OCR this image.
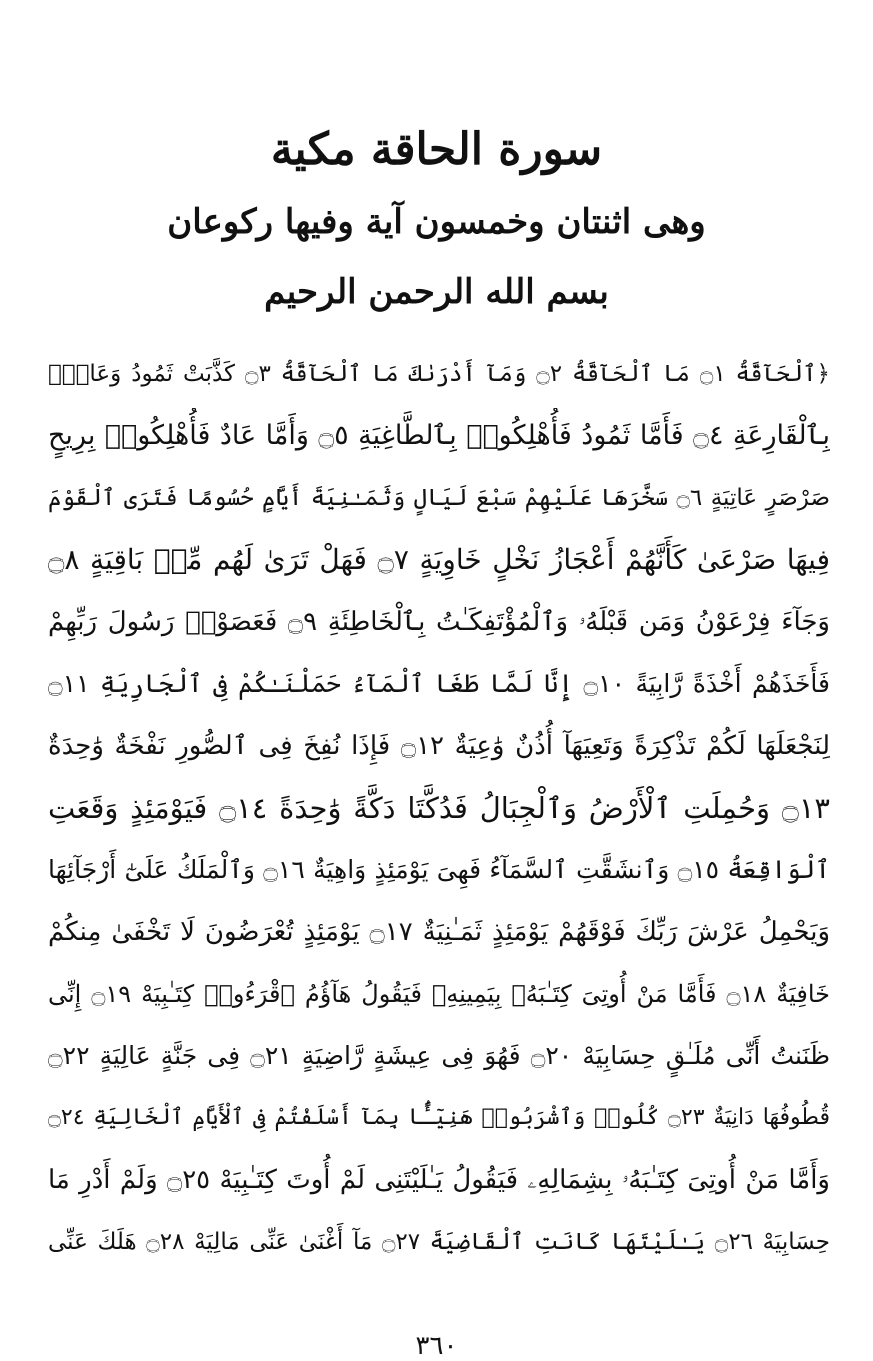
سورة الحاقة مكية
وهى اثنتان وخمسون آية وفيها ركوعان
بسم الله الرحمن الرحيم
﴿ٱلْحَآقَّةُ ۝١ مَا ٱلْحَآقَّةُ ۝٢ وَمَآ أَدْرَىٰكَ مَا ٱلْحَآقَّةُ ۝٣ كَذَّبَتْ ثَمُودُ وَعَادٌۢ
بِٱلْقَارِعَةِ ۝٤ فَأَمَّا ثَمُودُ فَأُهْلِكُوا۟ بِٱلطَّاغِيَةِ ۝٥ وَأَمَّا عَادٌ فَأُهْلِكُوا۟ بِرِيحٍ
صَرْصَرٍ عَاتِيَةٍ ۝٦ سَخَّرَهَا عَلَيْهِمْ سَبْعَ لَيَالٍ وَثَمَـٰنِيَةَ أَيَّامٍ حُسُومًا فَتَرَى ٱلْقَوْمَ
فِيهَا صَرْعَىٰ كَأَنَّهُمْ أَعْجَازُ نَخْلٍ خَاوِيَةٍ ۝٧ فَهَلْ تَرَىٰ لَهُم مِّنۢ بَاقِيَةٍ ۝٨
وَجَآءَ فِرْعَوْنُ وَمَن قَبْلَهُۥ وَٱلْمُؤْتَفِكَـٰتُ بِٱلْخَاطِئَةِ ۝٩ فَعَصَوْا۟ رَسُولَ رَبِّهِمْ
فَأَخَذَهُمْ أَخْذَةً رَّابِيَةً ۝١٠ إِنَّا لَمَّا طَغَا ٱلْمَآءُ حَمَلْنَـٰكُمْ فِى ٱلْجَارِيَةِ ۝١١
لِنَجْعَلَهَا لَكُمْ تَذْكِرَةً وَتَعِيَهَآ أُذُنٌ وَٰعِيَةٌ ۝١٢ فَإِذَا نُفِخَ فِى ٱلصُّورِ نَفْخَةٌ وَٰحِدَةٌ
۝١٣ وَحُمِلَتِ ٱلْأَرْضُ وَٱلْجِبَالُ فَدُكَّتَا دَكَّةً وَٰحِدَةً ۝١٤ فَيَوْمَئِذٍ وَقَعَتِ
ٱلْوَاقِعَةُ ۝١٥ وَٱنشَقَّتِ ٱلسَّمَآءُ فَهِىَ يَوْمَئِذٍ وَاهِيَةٌ ۝١٦ وَٱلْمَلَكُ عَلَىٰٓ أَرْجَآئِهَا
وَيَحْمِلُ عَرْشَ رَبِّكَ فَوْقَهُمْ يَوْمَئِذٍ ثَمَـٰنِيَةٌ ۝١٧ يَوْمَئِذٍ تُعْرَضُونَ لَا تَخْفَىٰ مِنكُمْ
خَافِيَةٌ ۝١٨ فَأَمَّا مَنْ أُوتِىَ كِتَـٰبَهُۥ بِيَمِينِهِۦ فَيَقُولُ هَآؤُمُ ٱقْرَءُوا۟ كِتَـٰبِيَهْ ۝١٩ إِنِّى
ظَنَنتُ أَنِّى مُلَـٰقٍ حِسَابِيَهْ ۝٢٠ فَهُوَ فِى عِيشَةٍ رَّاضِيَةٍ ۝٢١ فِى جَنَّةٍ عَالِيَةٍ ۝٢٢
قُطُوفُهَا دَانِيَةٌ ۝٢٣ كُلُوا۟ وَٱشْرَبُوا۟ هَنِيٓـًٔۢا بِمَآ أَسْلَفْتُمْ فِى ٱلْأَيَّامِ ٱلْخَالِيَةِ ۝٢٤
وَأَمَّا مَنْ أُوتِىَ كِتَـٰبَهُۥ بِشِمَالِهِۦ فَيَقُولُ يَـٰلَيْتَنِى لَمْ أُوتَ كِتَـٰبِيَهْ ۝٢٥ وَلَمْ أَدْرِ مَا
حِسَابِيَهْ ۝٢٦ يَـٰلَيْتَهَا كَانَتِ ٱلْقَاضِيَةَ ۝٢٧ مَآ أَغْنَىٰ عَنِّى مَالِيَهْ ۝٢٨ هَلَكَ عَنِّى
٣٦٠
